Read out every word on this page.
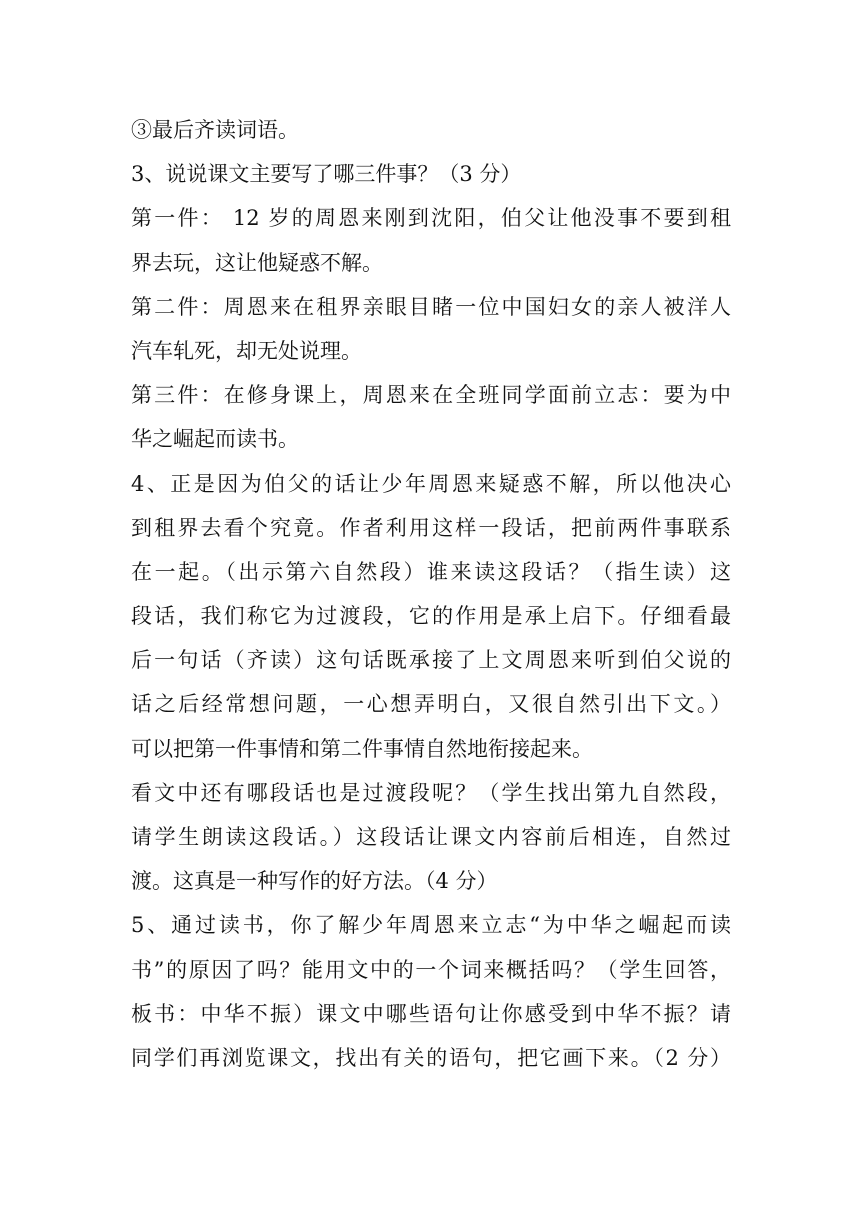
③最后齐读词语。
3、说说课文主要写了哪三件事？（3 分）
第一件： 12 岁的周恩来刚到沈阳，伯父让他没事不要到租
界去玩，这让他疑惑不解。
第二件：周恩来在租界亲眼目睹一位中国妇女的亲人被洋人
汽车轧死，却无处说理。
第三件：在修身课上，周恩来在全班同学面前立志：要为中
华之崛起而读书。
4、正是因为伯父的话让少年周恩来疑惑不解，所以他决心
到租界去看个究竟。作者利用这样一段话，把前两件事联系
在一起。（出示第六自然段）谁来读这段话？（指生读）这
段话，我们称它为过渡段，它的作用是承上启下。仔细看最
后一句话（齐读）这句话既承接了上文周恩来听到伯父说的
话之后经常想问题，一心想弄明白，又很自然引出下文。）
可以把第一件事情和第二件事情自然地衔接起来。
看文中还有哪段话也是过渡段呢？（学生找出第九自然段，
请学生朗读这段话。）这段话让课文内容前后相连，自然过
渡。这真是一种写作的好方法。（4 分）
5、通过读书，你了解少年周恩来立志“为中华之崛起而读
书”的原因了吗？能用文中的一个词来概括吗？（学生回答，
板书：中华不振）课文中哪些语句让你感受到中华不振？请
同学们再浏览课文，找出有关的语句，把它画下来。（2 分）
